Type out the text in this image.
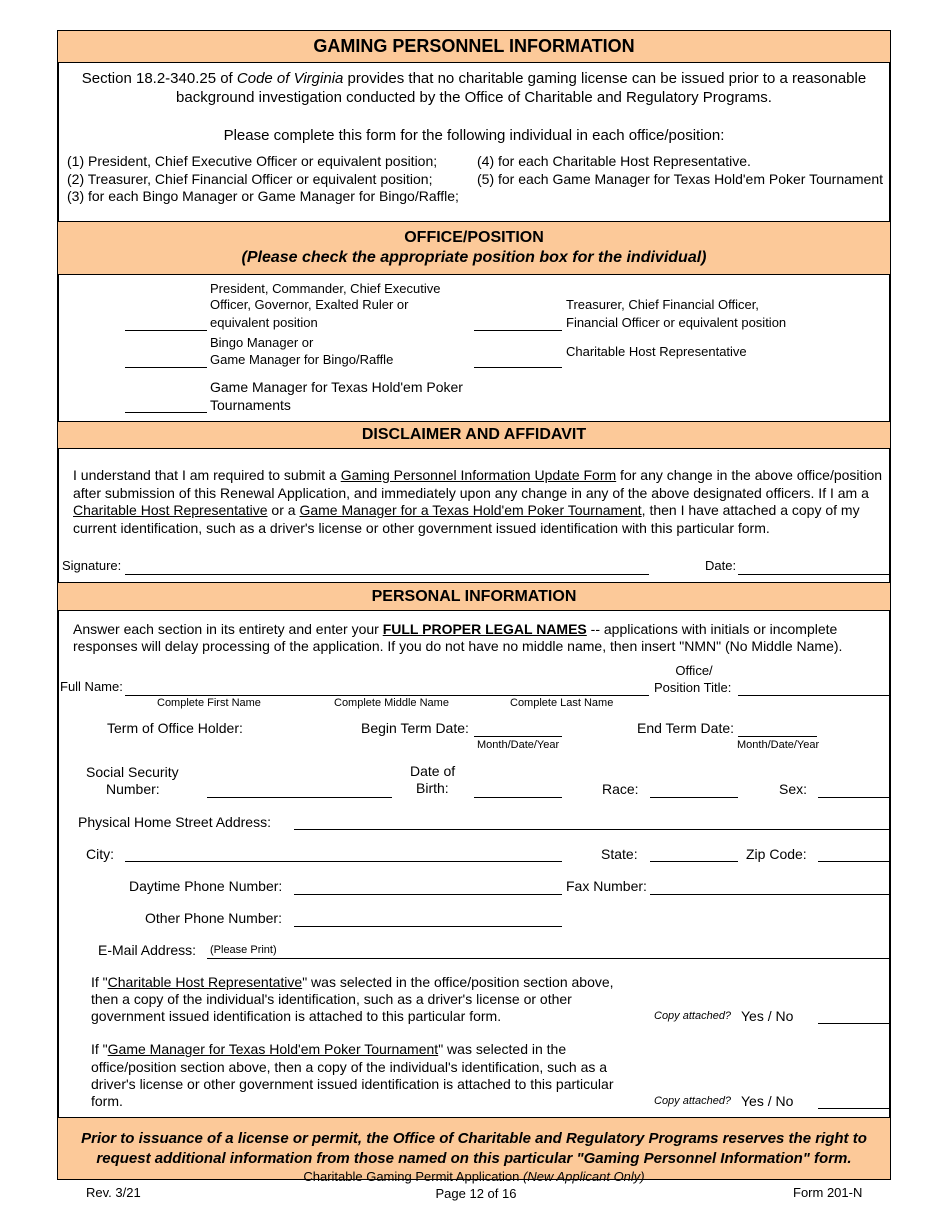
GAMING PERSONNEL INFORMATION
Section 18.2-340.25 of Code of Virginia provides that no charitable gaming license can be issued prior to a reasonable
background investigation conducted by the Office of Charitable and Regulatory Programs.
Please complete this form for the following individual in each office/position:
(1) President, Chief Executive Officer or equivalent position;
(2) Treasurer, Chief Financial Officer or equivalent position;
(3) for each Bingo Manager or Game Manager for Bingo/Raffle;
(4) for each Charitable Host Representative.
(5) for each Game Manager for Texas Hold'em Poker Tournament
OFFICE/POSITION
(Please check the appropriate position box for the individual)
President, Commander, Chief Executive
Officer, Governor, Exalted Ruler or
equivalent position
Treasurer, Chief Financial Officer,
Financial Officer or equivalent position
Bingo Manager or
Game Manager for Bingo/Raffle
Charitable Host Representative
Game Manager for Texas Hold'em Poker
Tournaments
DISCLAIMER AND AFFIDAVIT
I understand that I am required to submit a Gaming Personnel Information Update Form for any change in the above office/position
after submission of this Renewal Application, and immediately upon any change in any of the above designated officers. If I am a
Charitable Host Representative or a Game Manager for a Texas Hold'em Poker Tournament, then I have attached a copy of my
current identification, such as a driver's license or other government issued identification with this particular form.
Signature:	Date:
PERSONAL INFORMATION
Answer each section in its entirety and enter your FULL PROPER LEGAL NAMES -- applications with initials or incomplete
responses will delay processing of the application. If you do not have no middle name, then insert "NMN" (No Middle Name).
Full Name:
Complete First Name	Complete Middle Name	Complete Last Name
Office/
Position Title:
Term of Office Holder:	Begin Term Date:
Month/Date/Year
End Term Date:
Month/Date/Year
Social Security
Number:
Date of
Birth:	Race:	Sex:
Physical Home Street Address:
City:	State:	Zip Code:
Daytime Phone Number:	Fax Number:
Other Phone Number:
E-Mail Address: (Please Print)
If "Charitable Host Representative" was selected in the office/position section above,
then a copy of the individual's identification, such as a driver's license or other
government issued identification is attached to this particular form.	Copy attached? Yes / No
If "Game Manager for Texas Hold'em Poker Tournament" was selected in the
office/position section above, then a copy of the individual's identification, such as a
driver's license or other government issued identification is attached to this particular
form.	Copy attached? Yes / No
Prior to issuance of a license or permit, the Office of Charitable and Regulatory Programs reserves the right to
request additional information from those named on this particular "Gaming Personnel Information" form.
Charitable Gaming Permit Application (New Applicant Only)
Rev. 3/21	Page 12 of 16	Form 201-N
